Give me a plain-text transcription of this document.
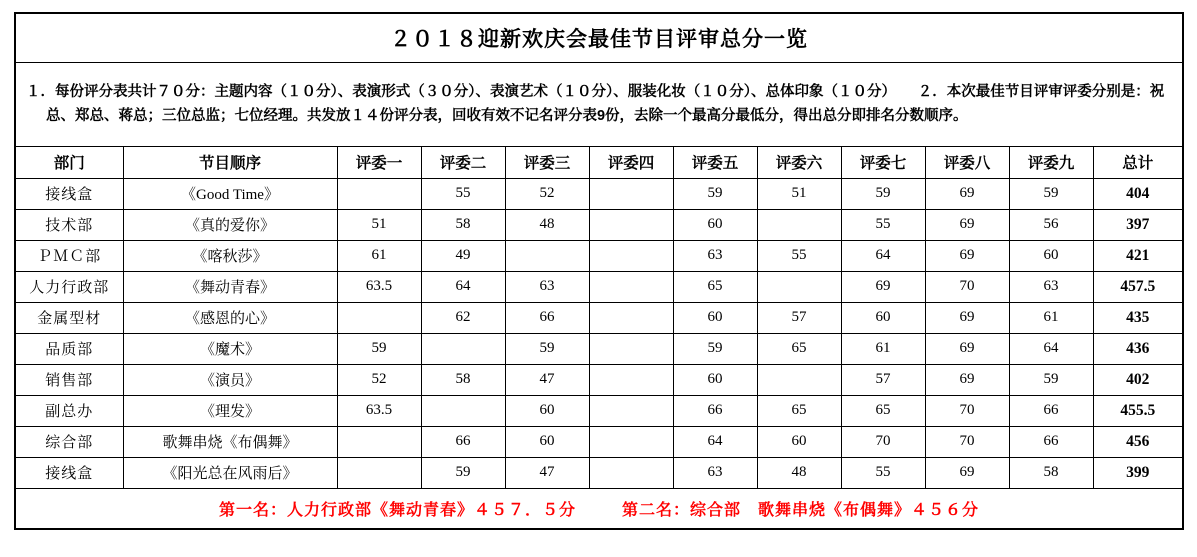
２０１８迎新欢庆会最佳节目评审总分一览

１．每份评分表共计７０分：主题内容（１０分）、表演形式（３０分）、表演艺术（１０分）、服装化妆（１０分）、总体印象（１０分）　　 ２．本次最佳节目评审评委分别是：祝总、郑总、蒋总；三位总监；七位经理。共发放１４份评分表，回收有效不记名评分表9份，去除一个最高分最低分，得出总分即排名分数顺序。

部门	节目顺序	评委一	评委二	评委三	评委四	评委五	评委六	评委七	评委八	评委九	总计
接线盒	《Good Time》		55	52		59	51	59	69	59	404
技术部	《真的爱你》	51	58	48		60		55	69	56	397
ＰＭＣ部	《喀秋莎》	61	49			63	55	64	69	60	421
人力行政部	《舞动青春》	63.5	64	63		65		69	70	63	457.5
金属型材	《感恩的心》		62	66		60	57	60	69	61	435
品质部	《魔术》	59		59		59	65	61	69	64	436
销售部	《演员》	52	58	47		60		57	69	59	402
副总办	《理发》	63.5		60		66	65	65	70	66	455.5
综合部	歌舞串烧《布偶舞》		66	60		64	60	70	70	66	456
接线盒	《阳光总在风雨后》		59	47		63	48	55	69	58	399
第一名：人力行政部《舞动青春》４５７．５分	第二名：综合部　歌舞串烧《布偶舞》４５６分
